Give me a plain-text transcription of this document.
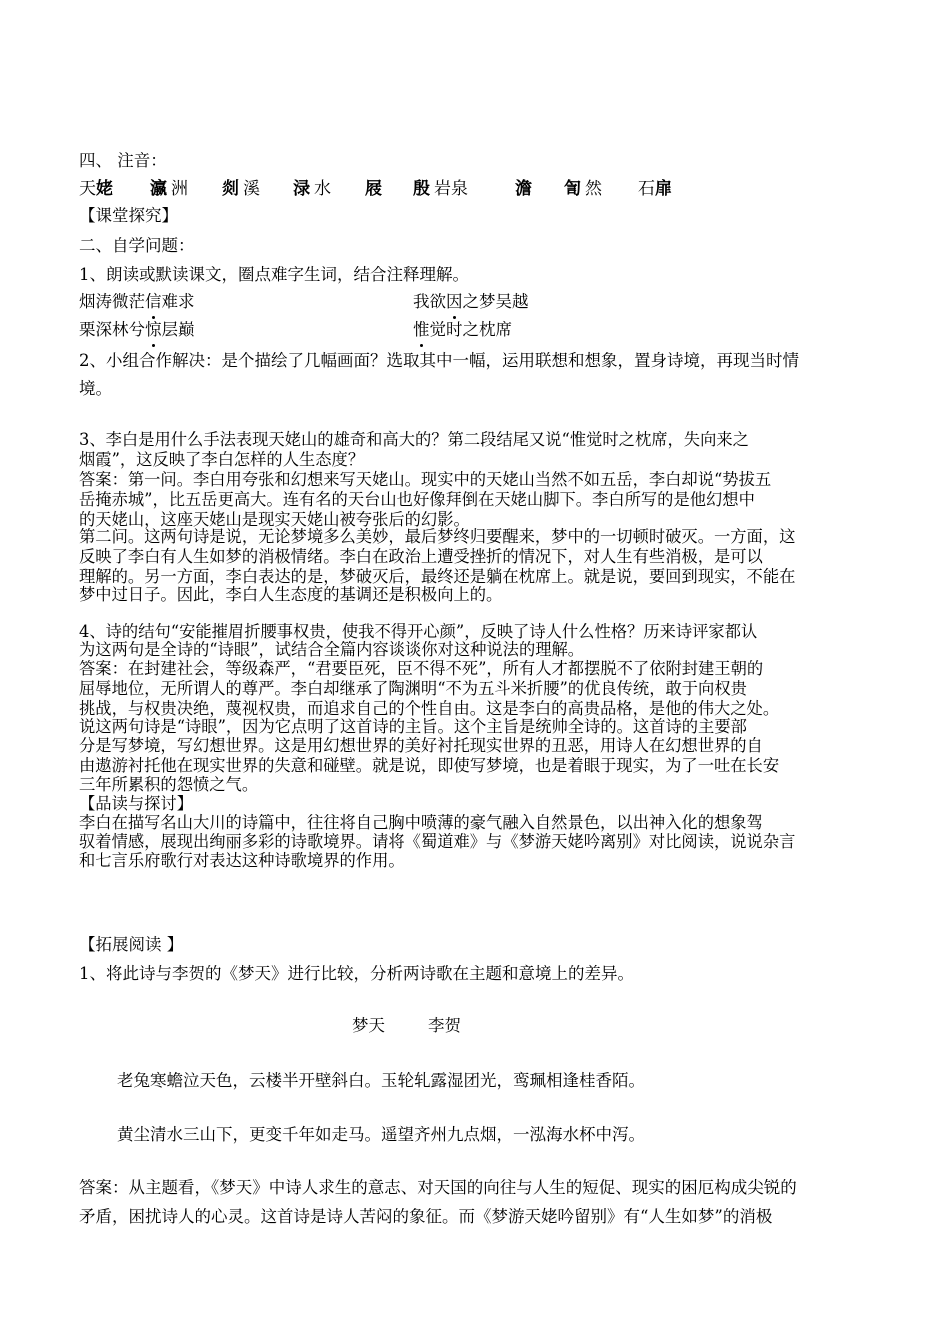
四、 注音：
天姥 瀛 洲 剡 溪 渌 水 屐 殷 岩泉	澹 訇 然 石扉
【课堂探究】
二、自学问题：
1、朗读或默读课文，圈点难字生词，结合注释理解。
烟涛微茫信难求	我欲因之梦吴越
栗深林兮惊层巅	惟觉时之枕席
2、小组合作解决：是个描绘了几幅画面？选取其中一幅，运用联想和想象，置身诗境，再现当时情
境。
3、李白是用什么手法表现天姥山的雄奇和高大的？第二段结尾又说“惟觉时之枕席，失向来之
烟霞”，这反映了李白怎样的人生态度？
答案：第一问。李白用夸张和幻想来写天姥山。现实中的天姥山当然不如五岳，李白却说“势拔五
岳掩赤城”，比五岳更高大。连有名的天台山也好像拜倒在天姥山脚下。李白所写的是他幻想中
的天姥山，这座天姥山是现实天姥山被夸张后的幻影。
第二问。这两句诗是说，无论梦境多么美妙，最后梦终归要醒来，梦中的一切顿时破灭。一方面，这
反映了李白有人生如梦的消极情绪。李白在政治上遭受挫折的情况下，对人生有些消极，是可以
理解的。另一方面，李白表达的是，梦破灭后，最终还是躺在枕席上。就是说，要回到现实，不能在
梦中过日子。因此，李白人生态度的基调还是积极向上的。
4、诗的结句“安能摧眉折腰事权贵，使我不得开心颜”，反映了诗人什么性格？历来诗评家都认
为这两句是全诗的“诗眼”，试结合全篇内容谈谈你对这种说法的理解。
答案：在封建社会，等级森严，“君要臣死，臣不得不死”，所有人才都摆脱不了依附封建王朝的
屈辱地位，无所谓人的尊严。李白却继承了陶渊明“不为五斗米折腰”的优良传统，敢于向权贵
挑战，与权贵决绝，蔑视权贵，而追求自己的个性自由。这是李白的高贵品格，是他的伟大之处。
说这两句诗是“诗眼”，因为它点明了这首诗的主旨。这个主旨是统帅全诗的。这首诗的主要部
分是写梦境，写幻想世界。这是用幻想世界的美好衬托现实世界的丑恶，用诗人在幻想世界的自
由遨游衬托他在现实世界的失意和碰壁。就是说，即使写梦境，也是着眼于现实，为了一吐在长安
三年所累积的怨愤之气。
【品读与探讨】
李白在描写名山大川的诗篇中，往往将自己胸中喷薄的豪气融入自然景色，以出神入化的想象驾
驭着情感，展现出绚丽多彩的诗歌境界。请将《蜀道难》与《梦游天姥吟离别》对比阅读，说说杂言
和七言乐府歌行对表达这种诗歌境界的作用。
【拓展阅读 】
1、将此诗与李贺的《梦天》进行比较，分析两诗歌在主题和意境上的差异。
梦天	李贺
老兔寒蟾泣天色，云楼半开壁斜白。玉轮轧露湿团光，鸾珮相逢桂香陌。
黄尘清水三山下，更变千年如走马。遥望齐州九点烟，一泓海水杯中泻。
答案：从主题看，《梦天》中诗人求生的意志、对天国的向往与人生的短促、现实的困厄构成尖锐的
矛盾，困扰诗人的心灵。这首诗是诗人苦闷的象征。而《梦游天姥吟留别》有“人生如梦”的消极
